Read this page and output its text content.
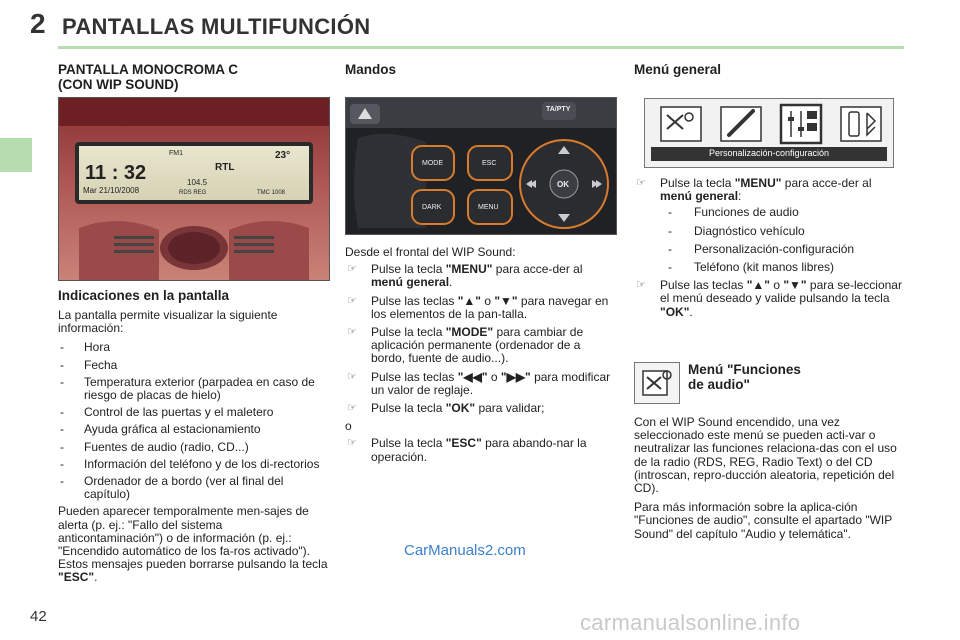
2 PANTALLAS MULTIFUNCIÓN
PANTALLA MONOCROMA C
(CON WIP SOUND)
11 : 32
Mar 21/10/2008
FM1
RTL
104.5
23°
RDS REG	TMC 1008
Indicaciones en la pantalla

La pantalla permite visualizar la siguiente información:

- Hora
- Fecha
- Temperatura exterior (parpadea en caso de riesgo de placas de hielo)
- Control de las puertas y el maletero
- Ayuda gráfica al estacionamiento
- Fuentes de audio (radio, CD...)
- Información del teléfono y de los di-rectorios
- Ordenador de a bordo (ver al final del capítulo)

Pueden aparecer temporalmente men-sajes de alerta (p. ej.: "Fallo del sistema anticontaminación") o de información (p. ej.: "Encendido automático de los fa-ros activado"). Estos mensajes pueden borrarse pulsando la tecla "ESC".

Mandos
TA/PTY
MODE
DARK
ESC
MENU
OK

Desde el frontal del WIP Sound:

☞ Pulse la tecla "MENU" para acce-der al menú general.
☞ Pulse las teclas "▲" o "▼" para navegar en los elementos de la pan-talla.
☞ Pulse la tecla "MODE" para cambiar de aplicación permanente (ordenador de a bordo, fuente de audio...).
☞ Pulse las teclas "◀◀" o "▶▶" para modificar un valor de reglaje.
☞ Pulse la tecla "OK" para validar;

o

☞ Pulse la tecla "ESC" para abando-nar la operación.
Menú general
Personalización-configuración
☞ Pulse la tecla "MENU" para acce-der al menú general:
- Funciones de audio
- Diagnóstico vehículo
- Personalización-configuración
- Teléfono (kit manos libres)
☞ Pulse las teclas "▲" o "▼" para se-leccionar el menú deseado y valide pulsando la tecla "OK".
Menú "Funciones
de audio"

Con el WIP Sound encendido, una vez seleccionado este menú se pueden acti-var o neutralizar las funciones relaciona-das con el uso de la radio (RDS, REG, Radio Text) o del CD (introscan, repro-ducción aleatoria, repetición del CD).

Para más información sobre la aplica-ción "Funciones de audio", consulte el apartado "WIP Sound" del capítulo "Audio y telemática".

CarManuals2.com
42	carmanualsonline.info
